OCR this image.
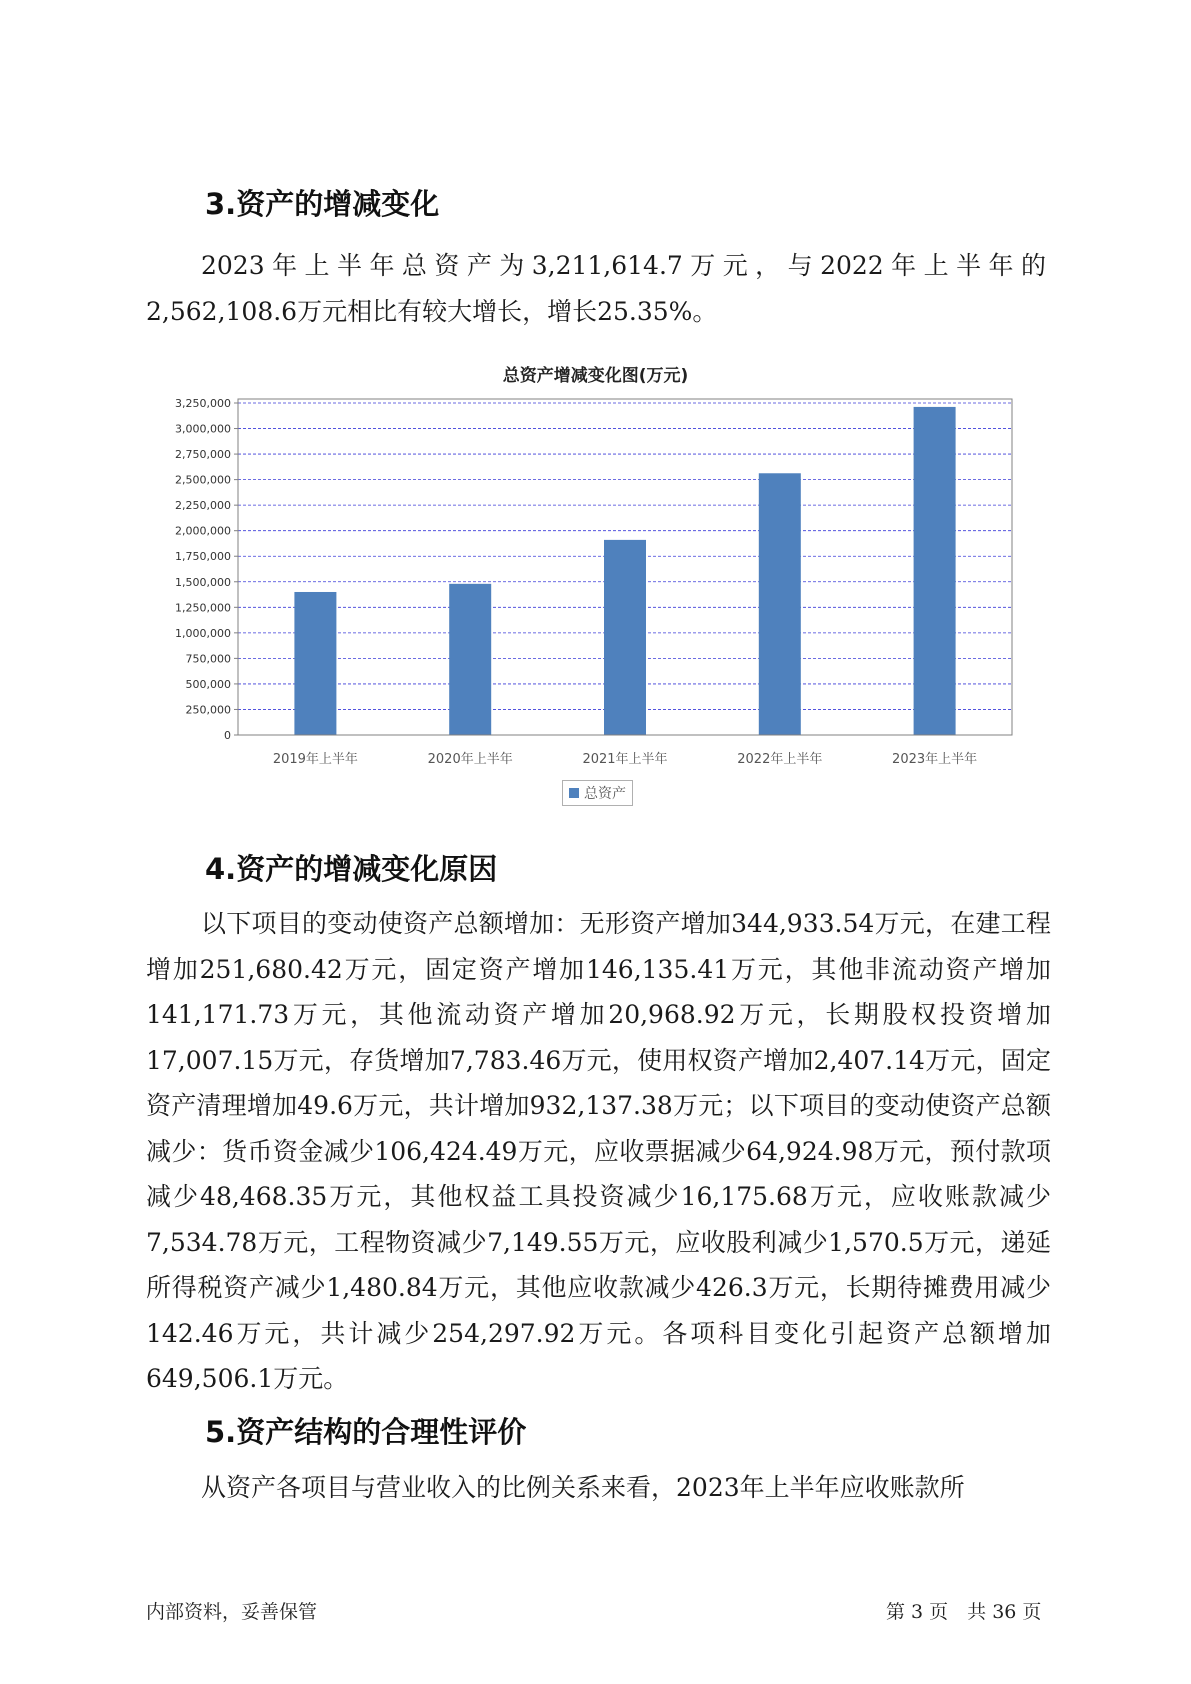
3.资产的增减变化

2023年上半年总资产为3,211,614.7万元，与2022年上半年的2,562,108.6万元相比有较大增长，增长25.35%。

总资产增减变化图(万元)
0
250,000
500,000
750,000
1,000,000
1,250,000
1,500,000
1,750,000
2,000,000
2,250,000
2,500,000
2,750,000
3,000,000
3,250,000
2019年上半年	2020年上半年	2021年上半年	2022年上半年	2023年上半年
总资产
4.资产的增减变化原因

以下项目的变动使资产总额增加：无形资产增加344,933.54万元，在建工程增加251,680.42万元，固定资产增加146,135.41万元，其他非流动资产增加141,171.73万元，其他流动资产增加20,968.92万元，长期股权投资增加17,007.15万元，存货增加7,783.46万元，使用权资产增加2,407.14万元，固定资产清理增加49.6万元，共计增加932,137.38万元；以下项目的变动使资产总额减少：货币资金减少106,424.49万元，应收票据减少64,924.98万元，预付款项减少48,468.35万元，其他权益工具投资减少16,175.68万元，应收账款减少7,534.78万元，工程物资减少7,149.55万元，应收股利减少1,570.5万元，递延所得税资产减少1,480.84万元，其他应收款减少426.3万元，长期待摊费用减少142.46万元，共计减少254,297.92万元。各项科目变化引起资产总额增加649,506.1万元。

5.资产结构的合理性评价

从资产各项目与营业收入的比例关系来看，2023年上半年应收账款所

内部资料，妥善保管	第 3 页　共 36 页
